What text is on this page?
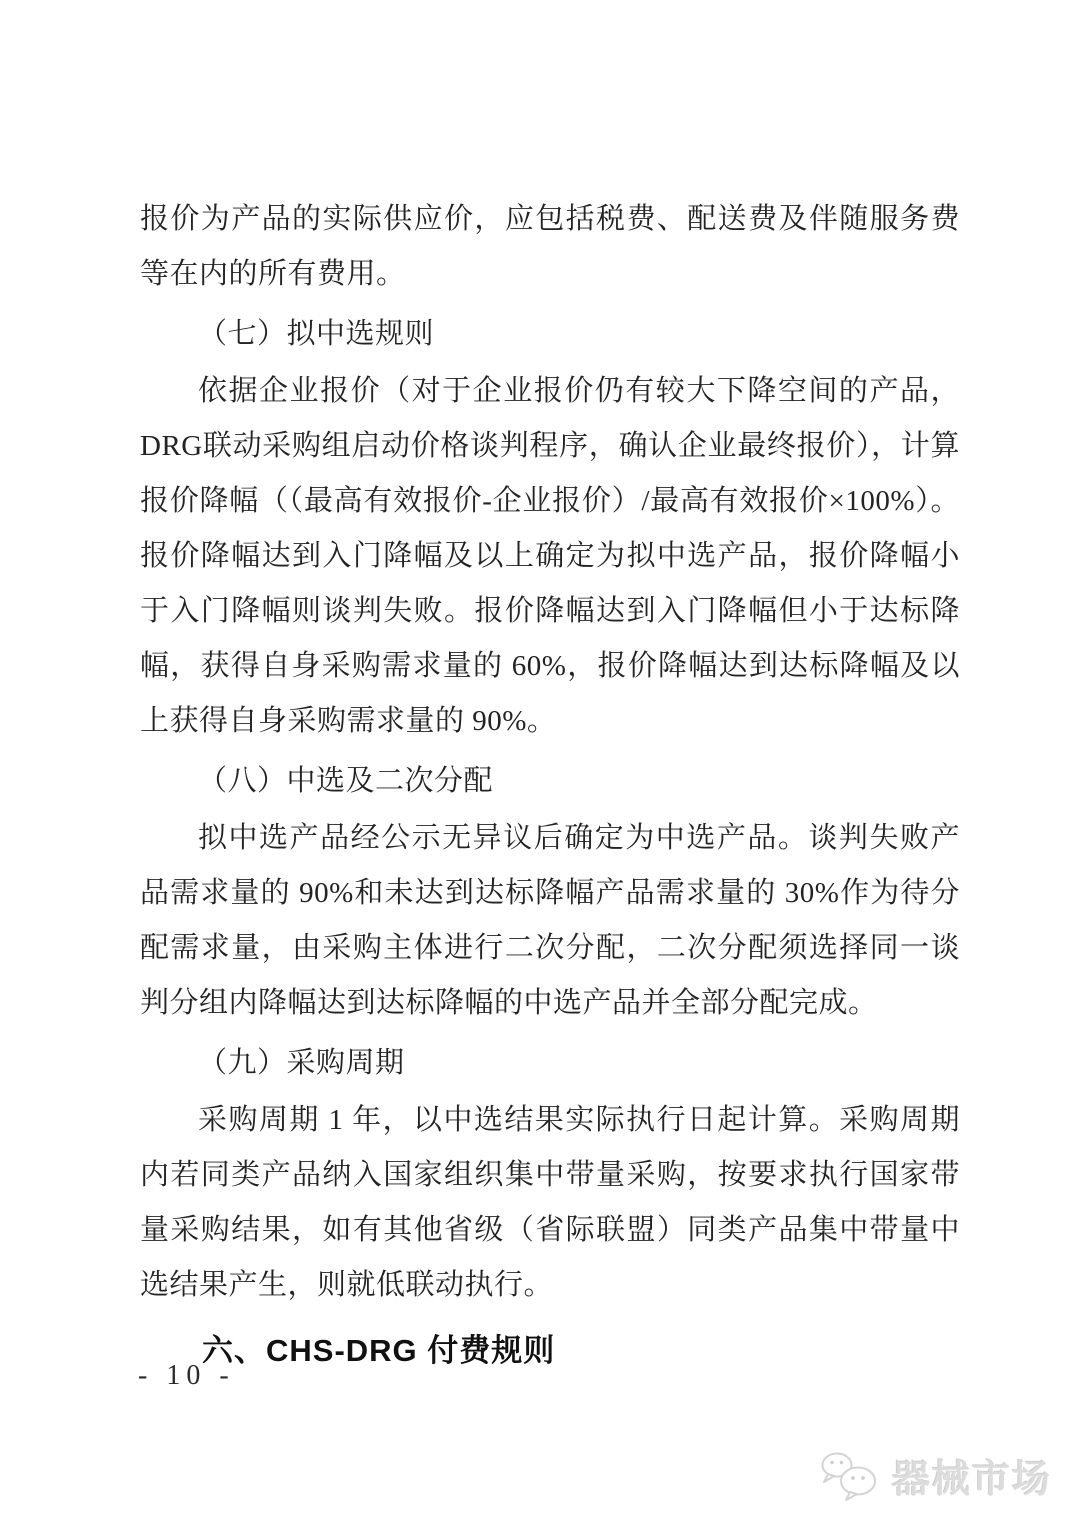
报价为产品的实际供应价，应包括税费、配送费及伴随服务费等在内的所有费用。

（七）拟中选规则

依据企业报价（对于企业报价仍有较大下降空间的产品，DRG联动采购组启动价格谈判程序，确认企业最终报价），计算报价降幅（（最高有效报价-企业报价）/最高有效报价×100%）。报价降幅达到入门降幅及以上确定为拟中选产品，报价降幅小于入门降幅则谈判失败。报价降幅达到入门降幅但小于达标降幅，获得自身采购需求量的 60%，报价降幅达到达标降幅及以上获得自身采购需求量的 90%。

（八）中选及二次分配

拟中选产品经公示无异议后确定为中选产品。谈判失败产品需求量的 90%和未达到达标降幅产品需求量的 30%作为待分配需求量，由采购主体进行二次分配，二次分配须选择同一谈判分组内降幅达到达标降幅的中选产品并全部分配完成。

（九）采购周期

采购周期 1 年，以中选结果实际执行日起计算。采购周期内若同类产品纳入国家组织集中带量采购，按要求执行国家带量采购结果，如有其他省级（省际联盟）同类产品集中带量中选结果产生，则就低联动执行。

六、CHS-DRG 付费规则

- 10 -
器械市场
